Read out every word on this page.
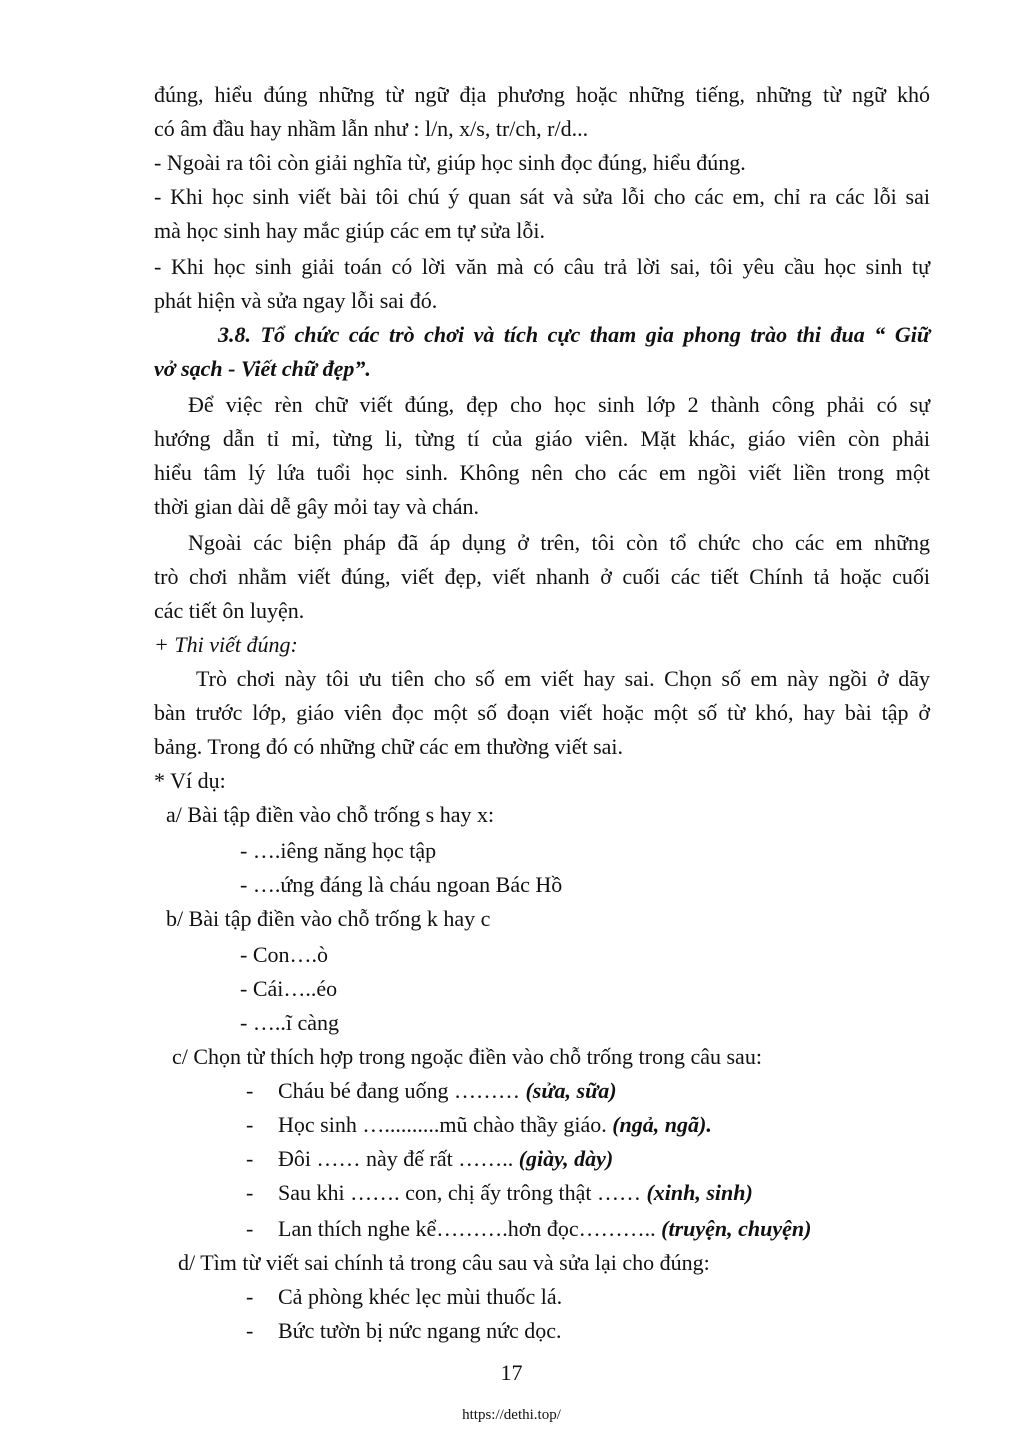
đúng, hiểu đúng những từ ngữ địa phương hoặc những tiếng, những từ ngữ khó
có âm đầu hay nhầm lẫn như : l/n, x/s, tr/ch, r/d...
- Ngoài ra tôi còn giải nghĩa từ, giúp học sinh đọc đúng, hiểu đúng.
- Khi học sinh viết bài tôi chú ý quan sát và sửa lỗi cho các em, chỉ ra các lỗi sai
mà học sinh hay mắc giúp các em tự sửa lỗi.
- Khi học sinh giải toán có lời văn mà có câu trả lời sai, tôi yêu cầu học sinh tự
phát hiện và sửa ngay lỗi sai đó.
3.8. Tổ chức các trò chơi và tích cực tham gia phong trào thi đua “ Giữ
vở sạch - Viết chữ đẹp”.
Để việc rèn chữ viết đúng, đẹp cho học sinh lớp 2 thành công phải có sự
hướng dẫn tỉ mỉ, từng li, từng tí của giáo viên. Mặt khác, giáo viên còn phải
hiểu tâm lý lứa tuổi học sinh. Không nên cho các em ngồi viết liền trong một
thời gian dài dễ gây mỏi tay và chán.
Ngoài các biện pháp đã áp dụng ở trên, tôi còn tổ chức cho các em những
trò chơi nhằm viết đúng, viết đẹp, viết nhanh ở cuối các tiết Chính tả hoặc cuối
các tiết ôn luyện.
+ Thi viết đúng:
Trò chơi này tôi ưu tiên cho số em viết hay sai. Chọn số em này ngồi ở dãy
bàn trước lớp, giáo viên đọc một số đoạn viết hoặc một số từ khó, hay bài tập ở
bảng. Trong đó có những chữ các em thường viết sai.
* Ví dụ:
a/ Bài tập điền vào chỗ trống s hay x:
- ….iêng năng học tập
- ….ứng đáng là cháu ngoan Bác Hồ
b/ Bài tập điền vào chỗ trống k hay c
- Con….ò
- Cái…..éo
- …..ĩ càng
c/ Chọn từ thích hợp trong ngoặc điền vào chỗ trống trong câu sau:
- Cháu bé đang uống ……… (sửa, sữa)
- Học sinh …..........mũ chào thầy giáo. (ngả, ngã).
- Đôi …… này đế rất …….. (giày, dày)
- Sau khi ……. con, chị ấy trông thật …… (xinh, sinh)
- Lan thích nghe kể……….hơn đọc……….. (truyện, chuyện)
d/ Tìm từ viết sai chính tả trong câu sau và sửa lại cho đúng:
- Cả phòng khéc lẹc mùi thuốc lá.
- Bức tườn bị nức ngang nức dọc.
17
https://dethi.top/
